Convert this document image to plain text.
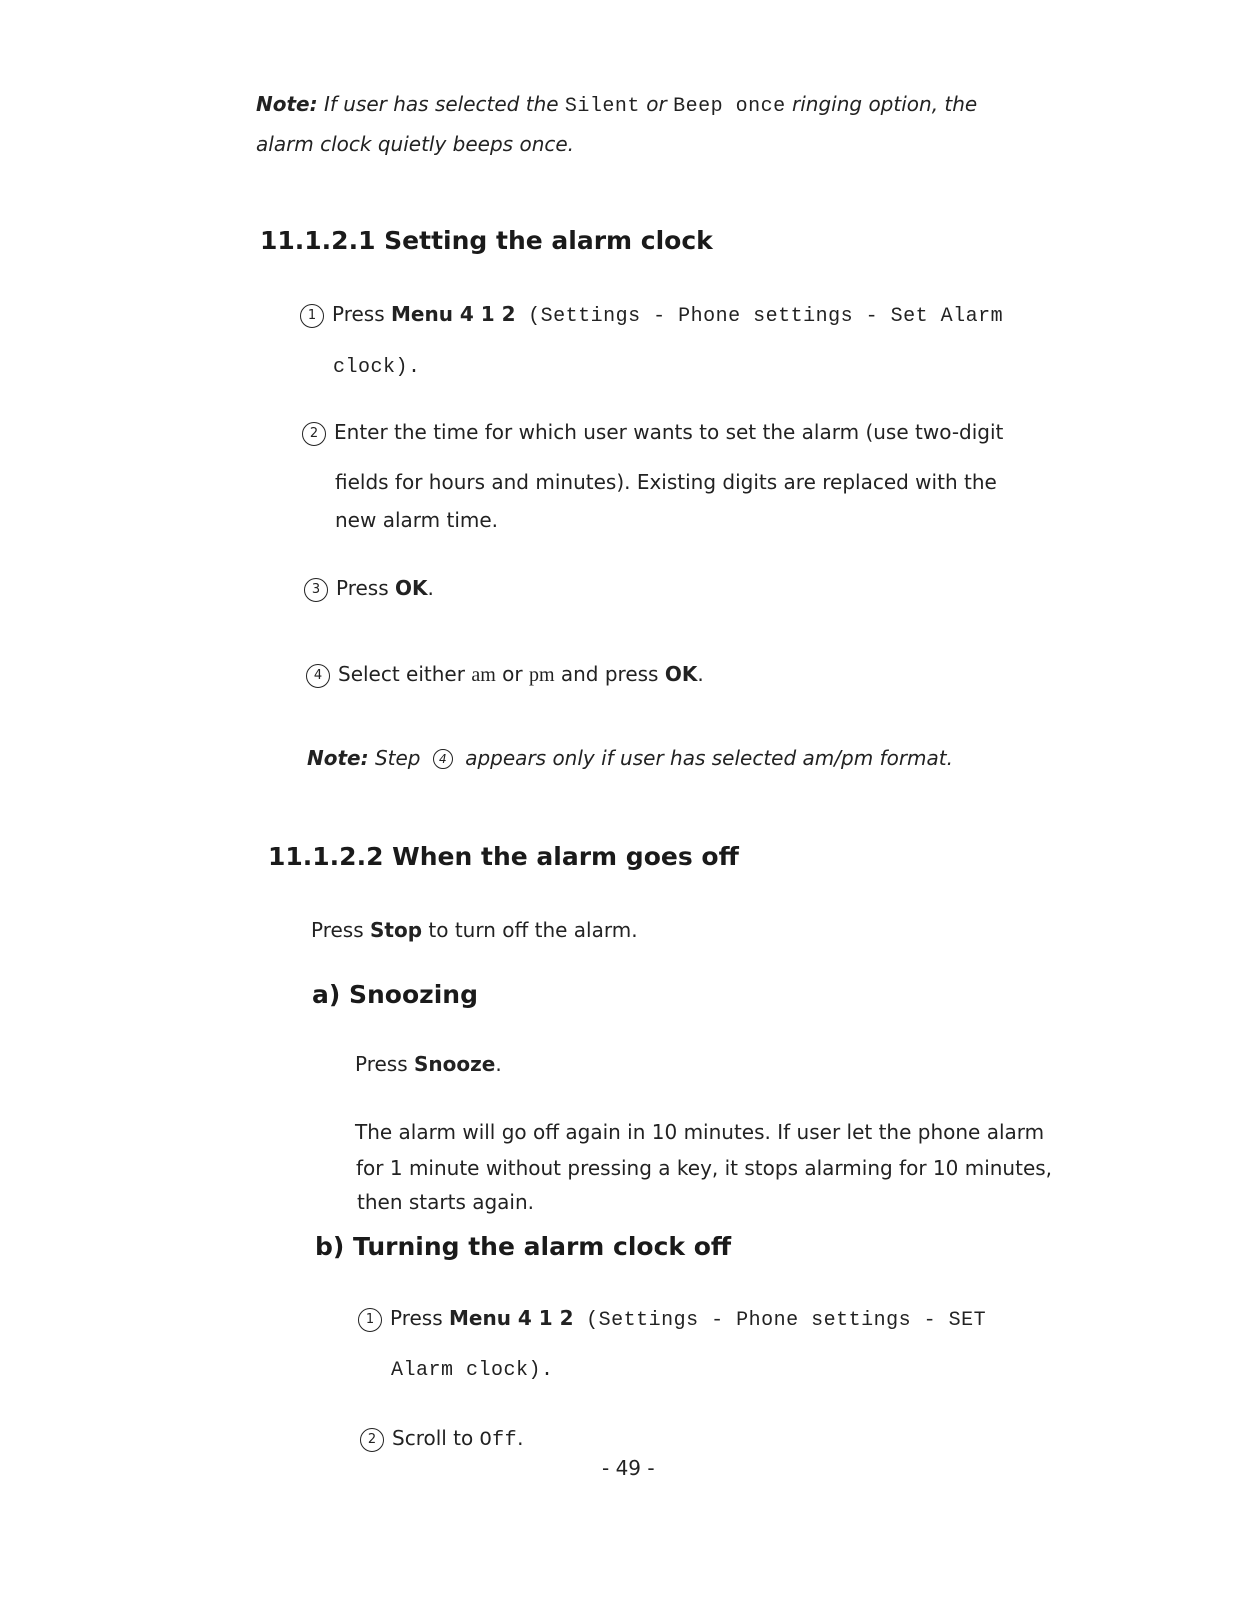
Note: If user has selected the Silent or Beep once ringing option, the
alarm clock quietly beeps once.
11.1.2.1 Setting the alarm clock
1 Press Menu 4 1 2 (Settings - Phone settings - Set Alarm
clock).
2 Enter the time for which user wants to set the alarm (use two-digit
fields for hours and minutes). Existing digits are replaced with the
new alarm time.
3 Press OK.
4 Select either am or pm and press OK.
Note: Step 4 appears only if user has selected am/pm format.
11.1.2.2 When the alarm goes off
Press Stop to turn off the alarm.
a) Snoozing
Press Snooze.
The alarm will go off again in 10 minutes. If user let the phone alarm
for 1 minute without pressing a key, it stops alarming for 10 minutes,
then starts again.
b) Turning the alarm clock off
1 Press Menu 4 1 2 (Settings - Phone settings - SET
Alarm clock).
2 Scroll to Off.
- 49 -
